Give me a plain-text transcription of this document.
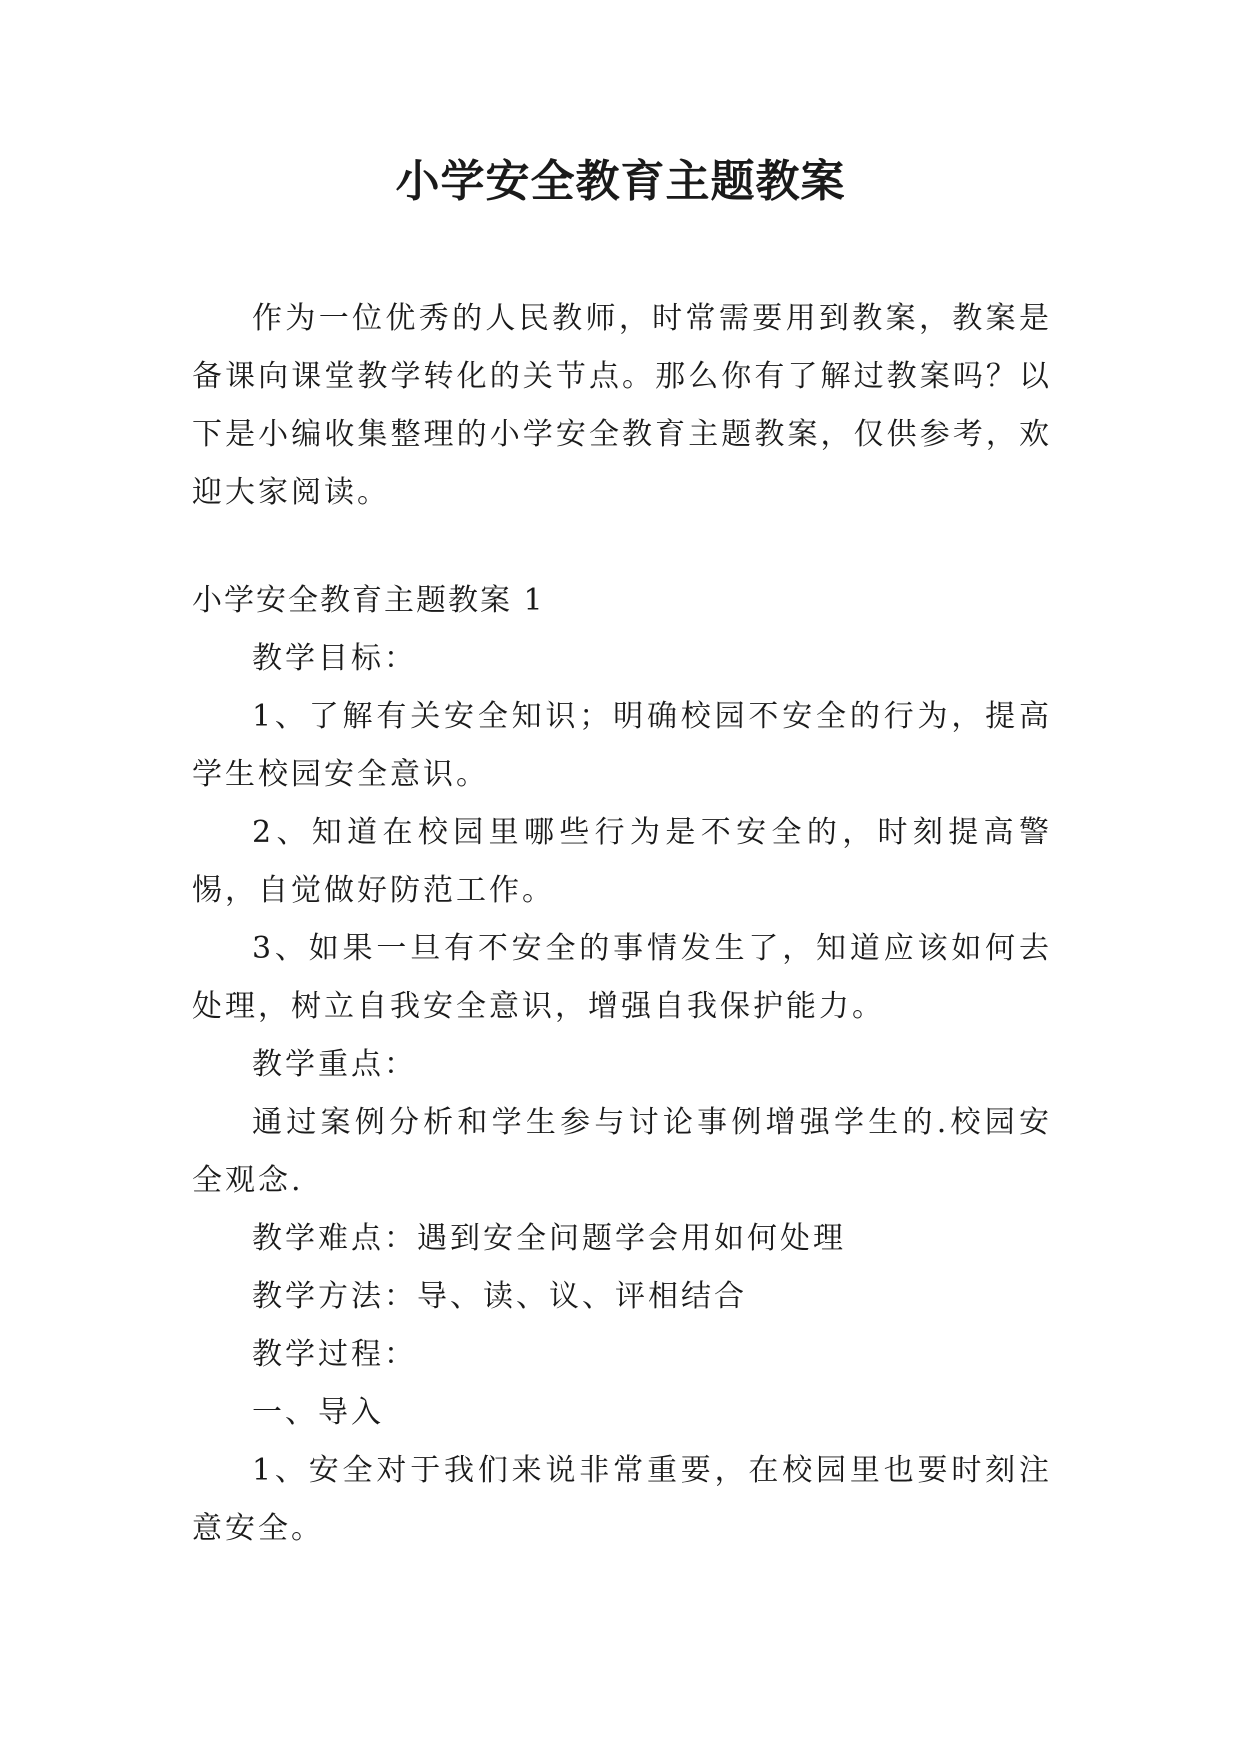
小学安全教育主题教案

作为一位优秀的人民教师，时常需要用到教案，教案是备课向课堂教学转化的关节点。那么你有了解过教案吗？以下是小编收集整理的小学安全教育主题教案，仅供参考，欢迎大家阅读。

小学安全教育主题教案 1

教学目标：

1、了解有关安全知识；明确校园不安全的行为，提高学生校园安全意识。

2、知道在校园里哪些行为是不安全的，时刻提高警惕，自觉做好防范工作。

3、如果一旦有不安全的事情发生了，知道应该如何去处理，树立自我安全意识，增强自我保护能力。

教学重点：

通过案例分析和学生参与讨论事例增强学生的.校园安全观念.

教学难点：遇到安全问题学会用如何处理

教学方法：导、读、议、评相结合

教学过程：

一、导入

1、安全对于我们来说非常重要，在校园里也要时刻注意安全。
